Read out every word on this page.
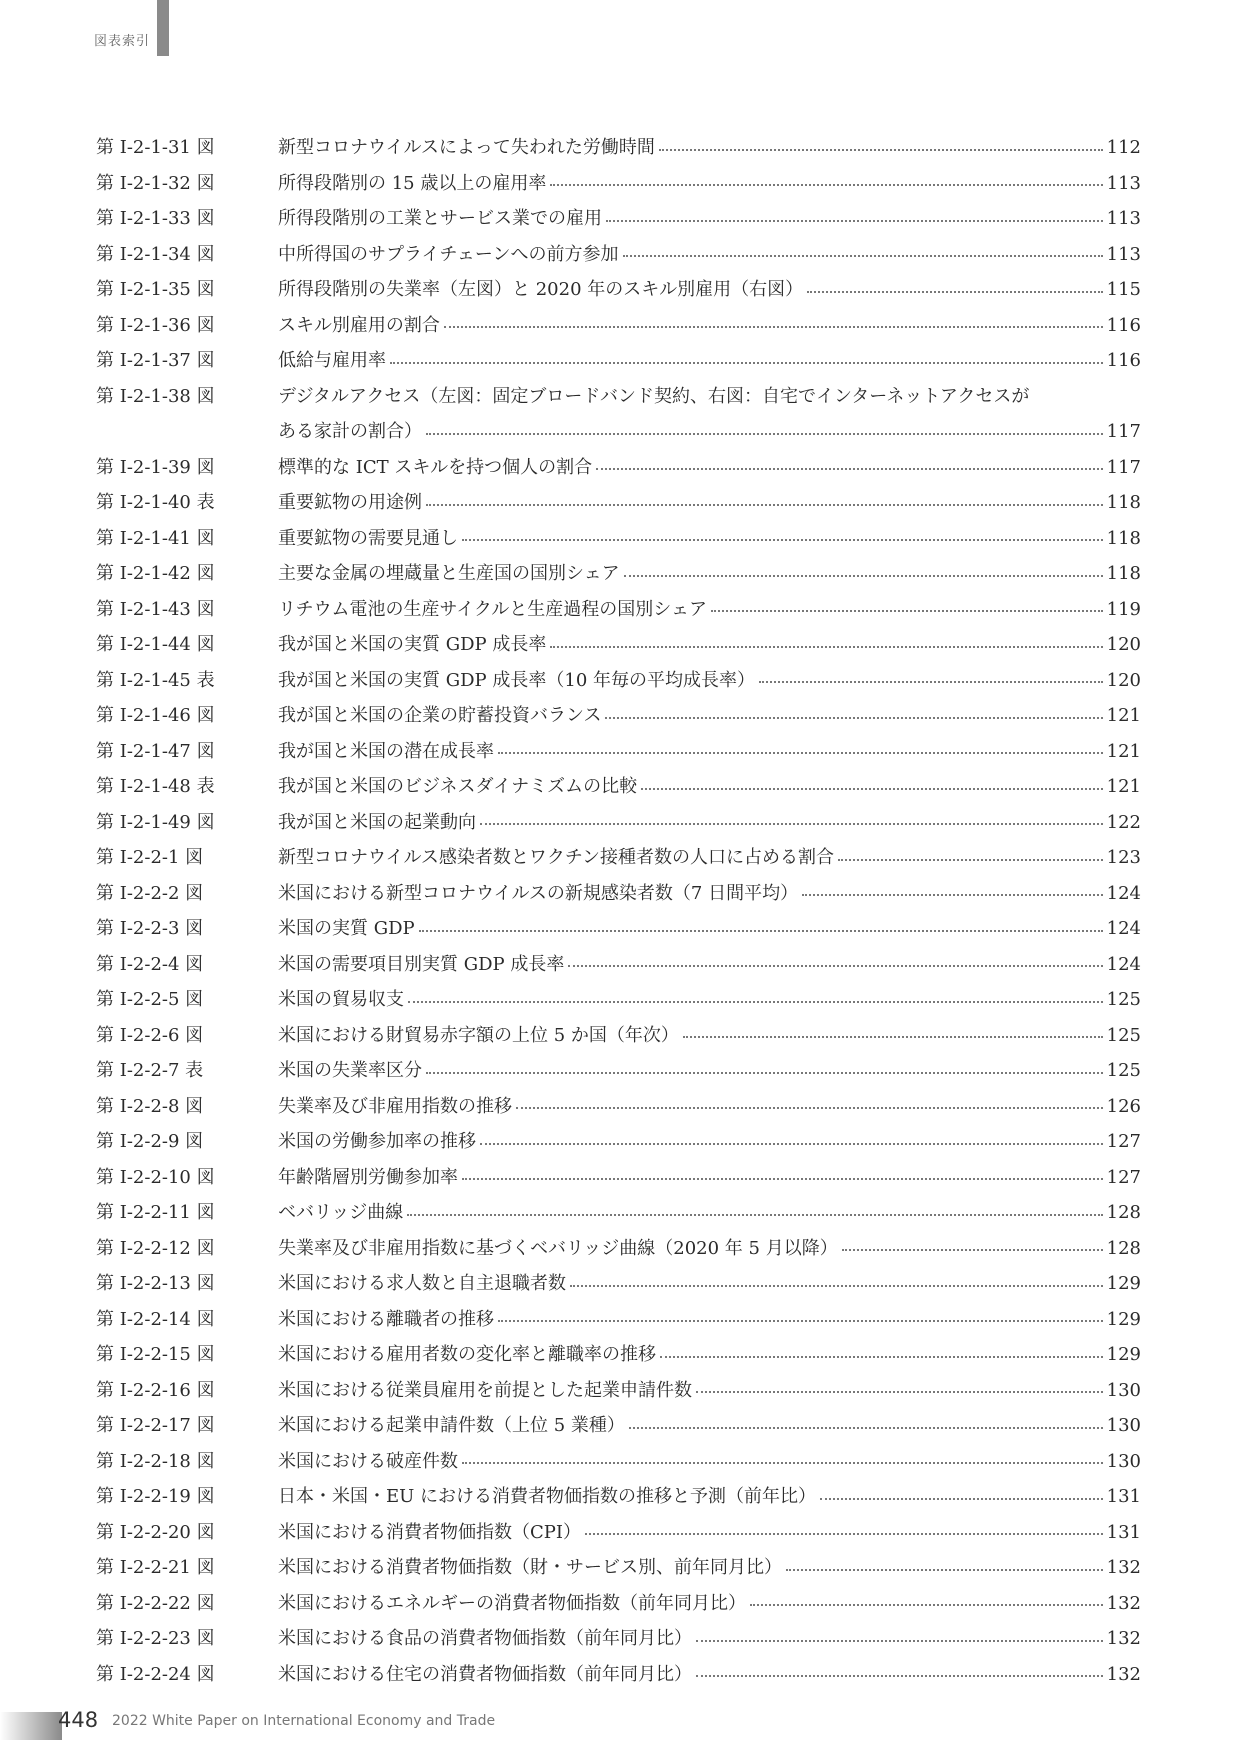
図表索引
第 I-2-1-31 図	新型コロナウイルスによって失われた労働時間	112
第 I-2-1-32 図	所得段階別の 15 歳以上の雇用率	113
第 I-2-1-33 図	所得段階別の工業とサービス業での雇用	113
第 I-2-1-34 図	中所得国のサプライチェーンへの前方参加	113
第 I-2-1-35 図	所得段階別の失業率（左図）と 2020 年のスキル別雇用（右図）	115
第 I-2-1-36 図	スキル別雇用の割合	116
第 I-2-1-37 図	低給与雇用率	116
第 I-2-1-38 図	デジタルアクセス（左図：固定ブロードバンド契約、右図：自宅でインターネットアクセスが
ある家計の割合）	117
第 I-2-1-39 図	標準的な ICT スキルを持つ個人の割合	117
第 I-2-1-40 表	重要鉱物の用途例	118
第 I-2-1-41 図	重要鉱物の需要見通し	118
第 I-2-1-42 図	主要な金属の埋蔵量と生産国の国別シェア	118
第 I-2-1-43 図	リチウム電池の生産サイクルと生産過程の国別シェア	119
第 I-2-1-44 図	我が国と米国の実質 GDP 成長率	120
第 I-2-1-45 表	我が国と米国の実質 GDP 成長率（10 年毎の平均成長率）	120
第 I-2-1-46 図	我が国と米国の企業の貯蓄投資バランス	121
第 I-2-1-47 図	我が国と米国の潜在成長率	121
第 I-2-1-48 表	我が国と米国のビジネスダイナミズムの比較	121
第 I-2-1-49 図	我が国と米国の起業動向	122
第 I-2-2-1 図	新型コロナウイルス感染者数とワクチン接種者数の人口に占める割合	123
第 I-2-2-2 図	米国における新型コロナウイルスの新規感染者数（7 日間平均）	124
第 I-2-2-3 図	米国の実質 GDP	124
第 I-2-2-4 図	米国の需要項目別実質 GDP 成長率	124
第 I-2-2-5 図	米国の貿易収支	125
第 I-2-2-6 図	米国における財貿易赤字額の上位 5 か国（年次）	125
第 I-2-2-7 表	米国の失業率区分	125
第 I-2-2-8 図	失業率及び非雇用指数の推移	126
第 I-2-2-9 図	米国の労働参加率の推移	127
第 I-2-2-10 図	年齢階層別労働参加率	127
第 I-2-2-11 図	ベバリッジ曲線	128
第 I-2-2-12 図	失業率及び非雇用指数に基づくベバリッジ曲線（2020 年 5 月以降）	128
第 I-2-2-13 図	米国における求人数と自主退職者数	129
第 I-2-2-14 図	米国における離職者の推移	129
第 I-2-2-15 図	米国における雇用者数の変化率と離職率の推移	129
第 I-2-2-16 図	米国における従業員雇用を前提とした起業申請件数	130
第 I-2-2-17 図	米国における起業申請件数（上位 5 業種）	130
第 I-2-2-18 図	米国における破産件数	130
第 I-2-2-19 図	日本・米国・EU における消費者物価指数の推移と予測（前年比）	131
第 I-2-2-20 図	米国における消費者物価指数（CPI）	131
第 I-2-2-21 図	米国における消費者物価指数（財・サービス別、前年同月比）	132
第 I-2-2-22 図	米国におけるエネルギーの消費者物価指数（前年同月比）	132
第 I-2-2-23 図	米国における食品の消費者物価指数（前年同月比）	132
第 I-2-2-24 図	米国における住宅の消費者物価指数（前年同月比）	132
448 2022 White Paper on International Economy and Trade
